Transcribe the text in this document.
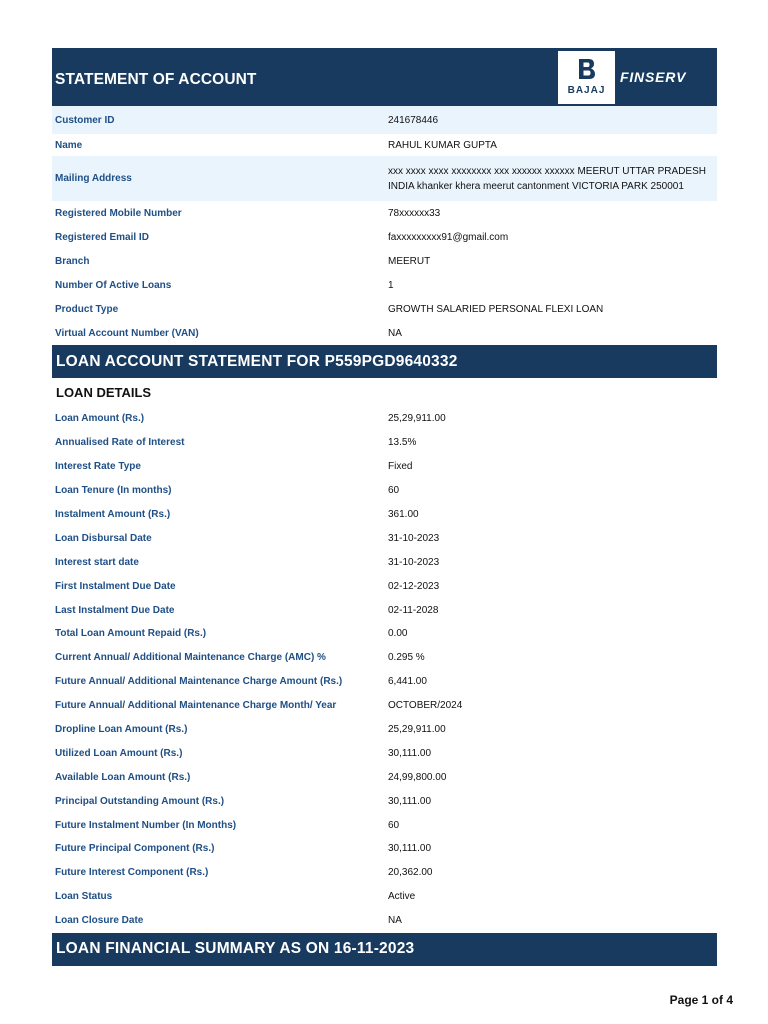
STATEMENT OF ACCOUNT
BAJAJ
FINSERV
Customer ID	241678446
Name	RAHUL KUMAR GUPTA
Mailing Address
xxx xxxx xxxx xxxxxxxx xxx xxxxxx xxxxxx MEERUT UTTAR PRADESH INDIA khanker khera meerut cantonment VICTORIA PARK 250001
Registered Mobile Number	78xxxxxx33
Registered Email ID	faxxxxxxxxx91@gmail.com
Branch	MEERUT
Number Of Active Loans	1
Product Type	GROWTH SALARIED PERSONAL FLEXI LOAN
Virtual Account Number (VAN)	NA
LOAN ACCOUNT STATEMENT FOR P559PGD9640332
LOAN DETAILS
Loan Amount (Rs.)	25,29,911.00
Annualised Rate of Interest	13.5%
Interest Rate Type	Fixed
Loan Tenure (In months)	60
Instalment Amount (Rs.)	361.00
Loan Disbursal Date	31-10-2023
Interest start date	31-10-2023
First Instalment Due Date	02-12-2023
Last Instalment Due Date	02-11-2028
Total Loan Amount Repaid (Rs.)	0.00
Current Annual/ Additional Maintenance Charge (AMC) %	0.295 %
Future Annual/ Additional Maintenance Charge Amount (Rs.)	6,441.00
Future Annual/ Additional Maintenance Charge Month/ Year	OCTOBER/2024
Dropline Loan Amount (Rs.)	25,29,911.00
Utilized Loan Amount (Rs.)	30,111.00
Available Loan Amount (Rs.)	24,99,800.00
Principal Outstanding Amount (Rs.)	30,111.00
Future Instalment Number (In Months)	60
Future Principal Component (Rs.)	30,111.00
Future Interest Component (Rs.)	20,362.00
Loan Status	Active
Loan Closure Date	NA
LOAN FINANCIAL SUMMARY AS ON 16-11-2023
Page 1 of 4
